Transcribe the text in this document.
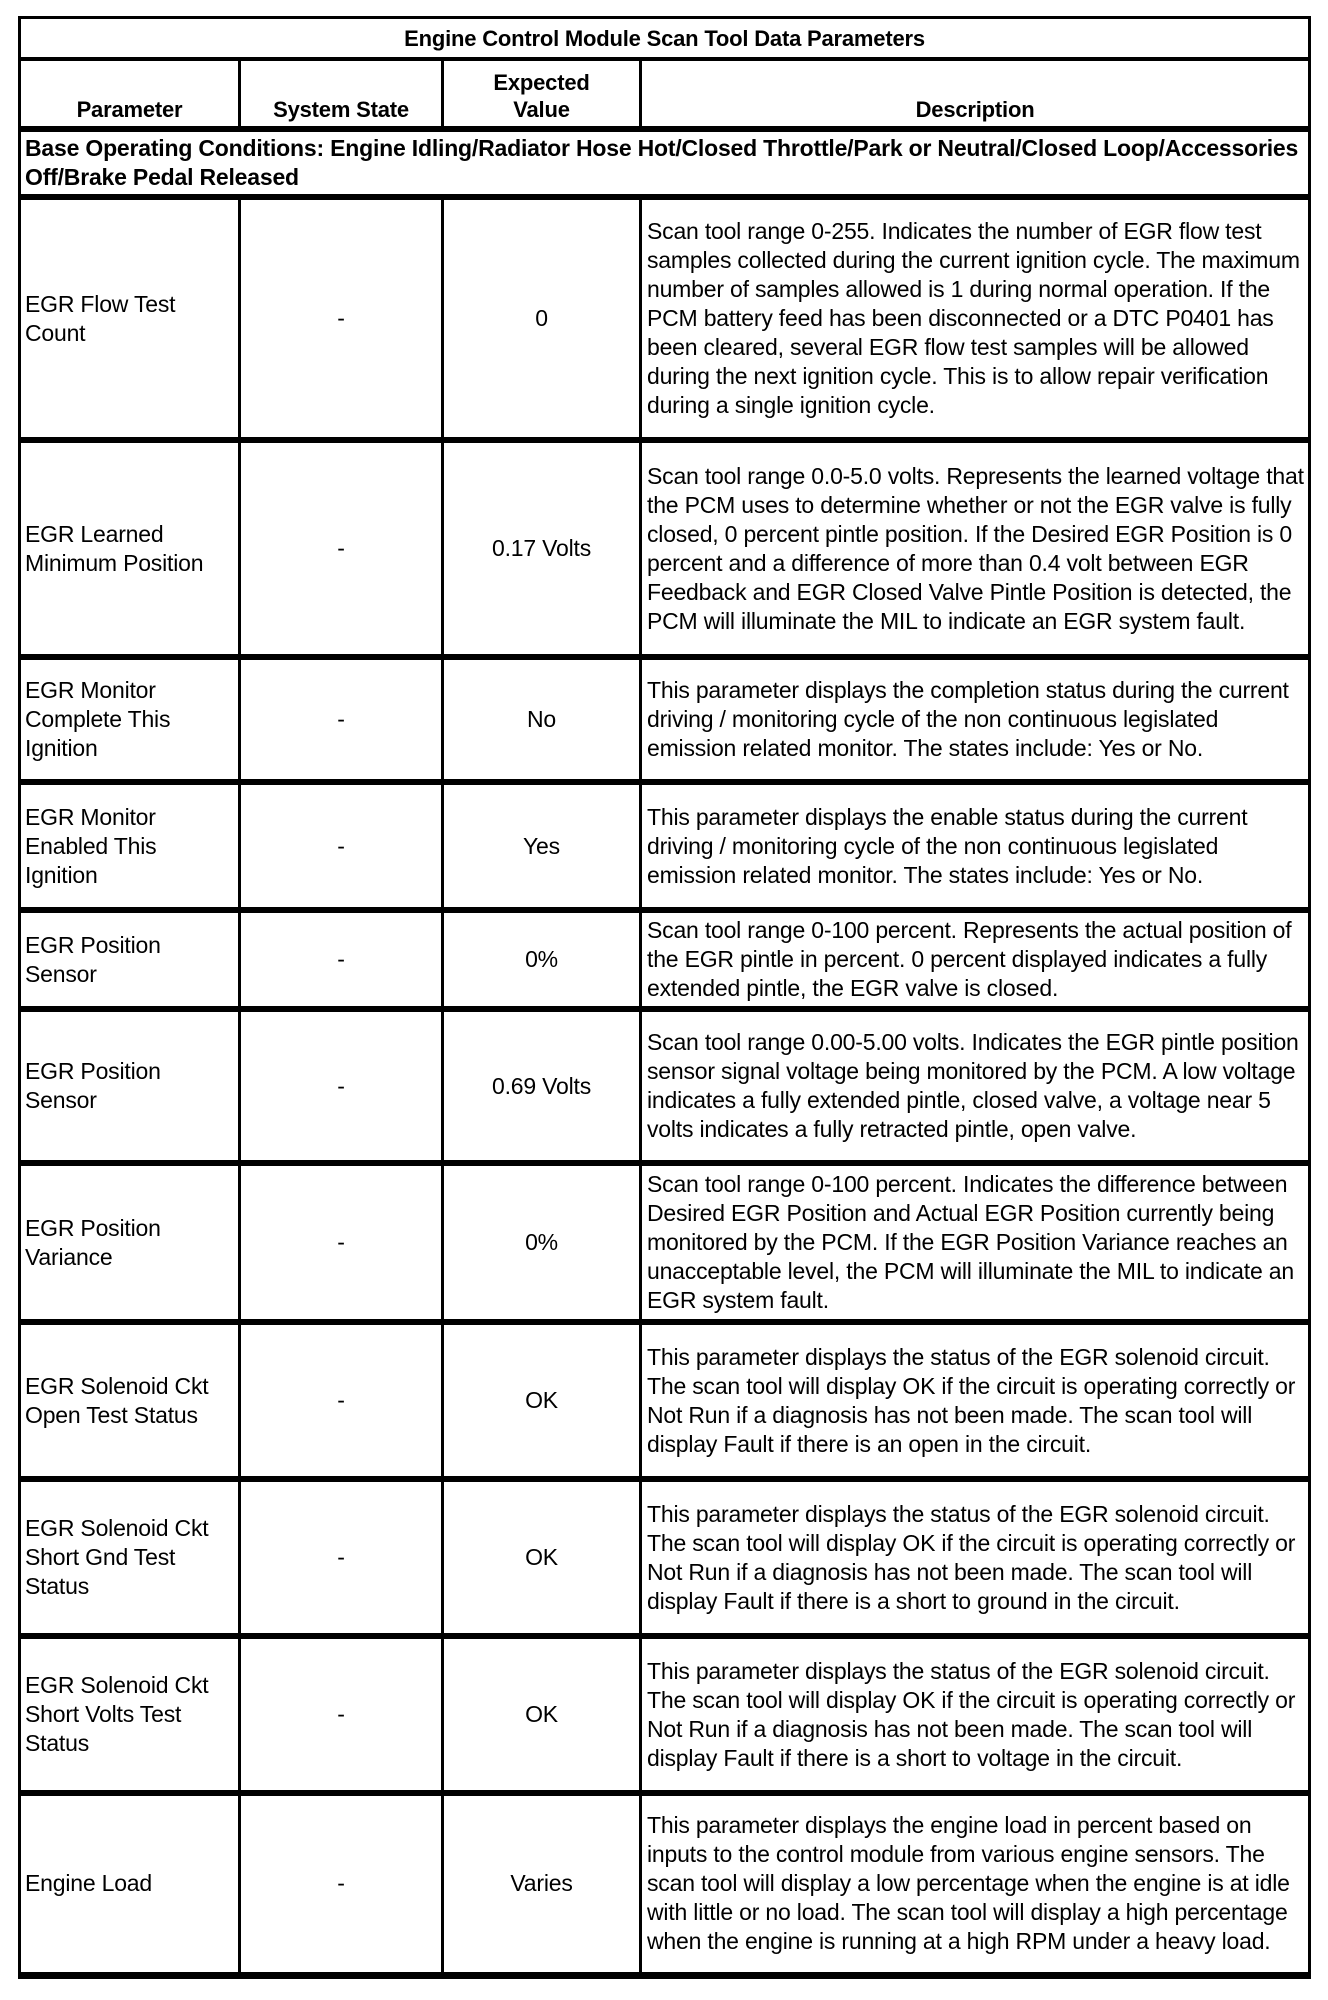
Engine Control Module Scan Tool Data Parameters			
Parameter	System State	Expected Value	Description
Base Operating Conditions: Engine Idling/Radiator Hose Hot/Closed Throttle/Park or Neutral/Closed Loop/Accessories Off/Brake Pedal Released			
EGR Flow Test Count	-	0	Scan tool range 0-255. Indicates the number of EGR flow test samples collected during the current ignition cycle. The maximum number of samples allowed is 1 during normal operation. If the PCM battery feed has been disconnected or a DTC P0401 has been cleared, several EGR flow test samples will be allowed during the next ignition cycle. This is to allow repair verification during a single ignition cycle.
EGR Learned Minimum Position	-	0.17 Volts	Scan tool range 0.0-5.0 volts. Represents the learned voltage that the PCM uses to determine whether or not the EGR valve is fully closed, 0 percent pintle position. If the Desired EGR Position is 0 percent and a difference of more than 0.4 volt between EGR Feedback and EGR Closed Valve Pintle Position is detected, the PCM will illuminate the MIL to indicate an EGR system fault.
EGR Monitor Complete This Ignition	-	No	This parameter displays the completion status during the current driving / monitoring cycle of the non continuous legislated emission related monitor. The states include: Yes or No.
EGR Monitor Enabled This Ignition	-	Yes	This parameter displays the enable status during the current driving / monitoring cycle of the non continuous legislated emission related monitor. The states include: Yes or No.
EGR Position Sensor	-	0%	Scan tool range 0-100 percent. Represents the actual position of the EGR pintle in percent. 0 percent displayed indicates a fully extended pintle, the EGR valve is closed.
EGR Position Sensor	-	0.69 Volts	Scan tool range 0.00-5.00 volts. Indicates the EGR pintle position sensor signal voltage being monitored by the PCM. A low voltage indicates a fully extended pintle, closed valve, a voltage near 5 volts indicates a fully retracted pintle, open valve.
EGR Position Variance	-	0%	Scan tool range 0-100 percent. Indicates the difference between Desired EGR Position and Actual EGR Position currently being monitored by the PCM. If the EGR Position Variance reaches an unacceptable level, the PCM will illuminate the MIL to indicate an EGR system fault.
EGR Solenoid Ckt Open Test Status	-	OK	This parameter displays the status of the EGR solenoid circuit. The scan tool will display OK if the circuit is operating correctly or Not Run if a diagnosis has not been made. The scan tool will display Fault if there is an open in the circuit.
EGR Solenoid Ckt Short Gnd Test Status	-	OK	This parameter displays the status of the EGR solenoid circuit. The scan tool will display OK if the circuit is operating correctly or Not Run if a diagnosis has not been made. The scan tool will display Fault if there is a short to ground in the circuit.
EGR Solenoid Ckt Short Volts Test Status	-	OK	This parameter displays the status of the EGR solenoid circuit. The scan tool will display OK if the circuit is operating correctly or Not Run if a diagnosis has not been made. The scan tool will display Fault if there is a short to voltage in the circuit.
Engine Load	-	Varies	This parameter displays the engine load in percent based on inputs to the control module from various engine sensors. The scan tool will display a low percentage when the engine is at idle with little or no load. The scan tool will display a high percentage when the engine is running at a high RPM under a heavy load.
